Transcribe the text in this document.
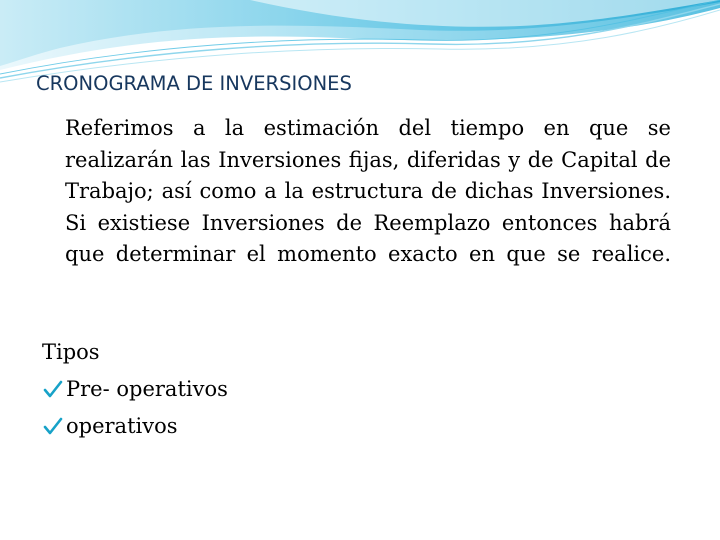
CRONOGRAMA DE INVERSIONES

Referimos a la estimación del tiempo en que se realizarán las Inversiones fijas, diferidas y de Capital de Trabajo; así como a la estructura de dichas Inversiones. Si existiese Inversiones de Reemplazo entonces habrá que determinar el momento exacto en que se realice.

Tipos
Pre- operativos
operativos
